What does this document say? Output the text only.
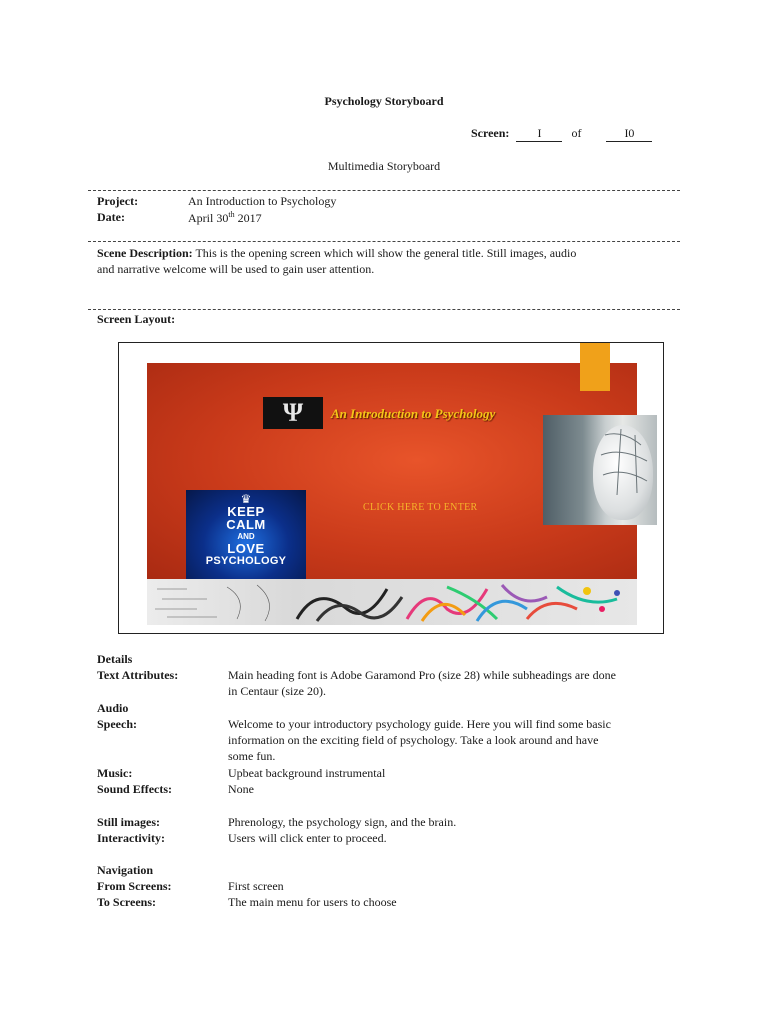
Psychology Storyboard
Screen: I	of	I0
Multimedia Storyboard
Project:	An Introduction to Psychology
Date:	April 30th 2017
Scene Description: This is the opening screen which will show the general title. Still images, audio
and narrative welcome will be used to gain user attention.
Screen Layout:
Ψ An Introduction to Psychology
CLICK HERE TO ENTER
♛
KEEP
CALM
AND
LOVE
PSYCHOLOGY
Details
Text Attributes:	Main heading font is Adobe Garamond Pro (size 28) while subheadings are done
in Centaur (size 20).
Audio
Speech:	Welcome to your introductory psychology guide. Here you will find some basic
information on the exciting field of psychology. Take a look around and have
some fun.
Music:	Upbeat background instrumental
Sound Effects:	None
Still images:	Phrenology, the psychology sign, and the brain.
Interactivity:	Users will click enter to proceed.
Navigation
From Screens:	First screen
To Screens:	The main menu for users to choose
